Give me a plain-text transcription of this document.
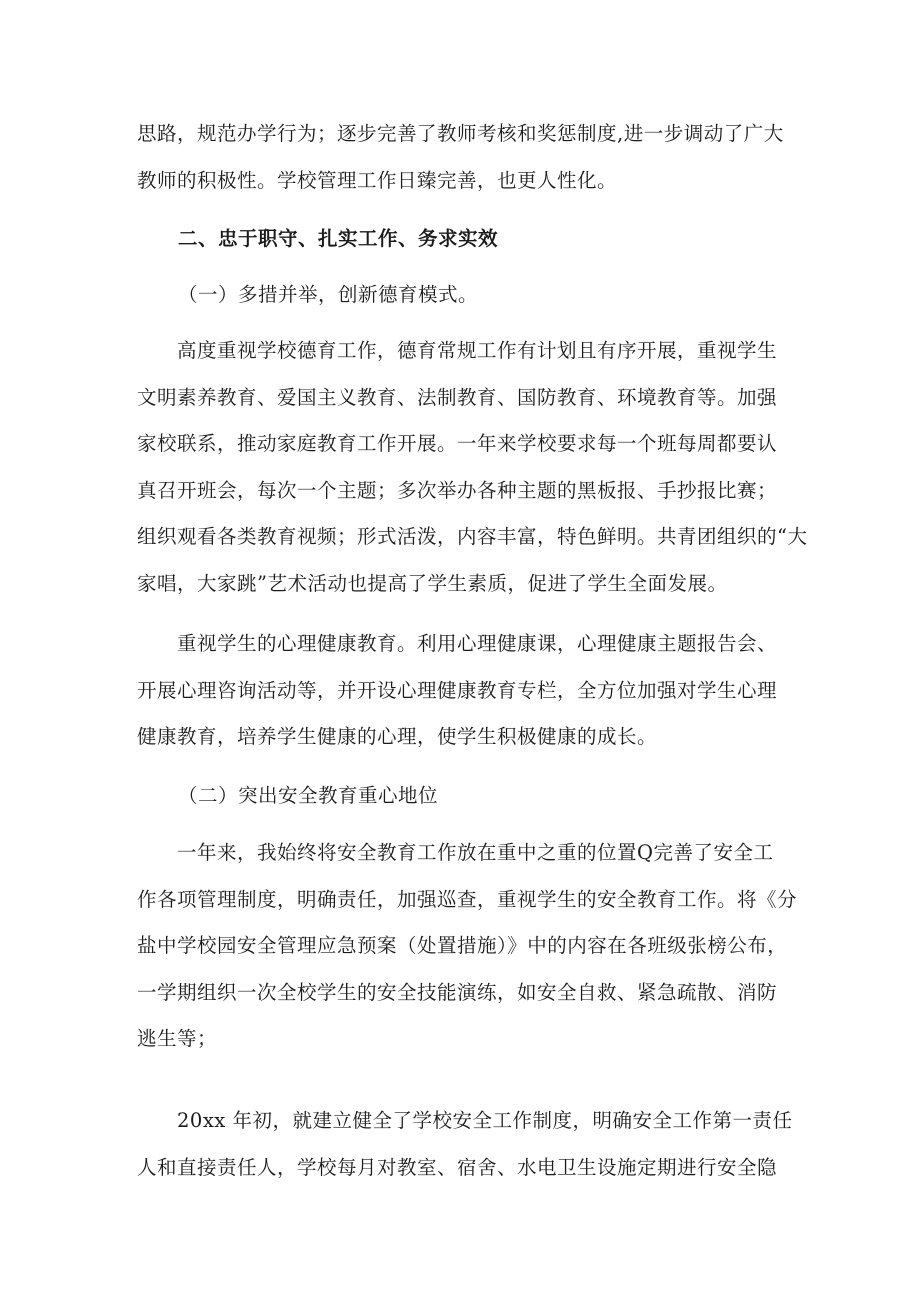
思路，规范办学行为；逐步完善了教师考核和奖惩制度,进一步调动了广大
教师的积极性。学校管理工作日臻完善，也更人性化。
二、忠于职守、扎实工作、务求实效
（一）多措并举，创新德育模式。
　　高度重视学校德育工作，德育常规工作有计划且有序开展，重视学生
文明素养教育、爱国主义教育、法制教育、国防教育、环境教育等。加强
家校联系，推动家庭教育工作开展。一年来学校要求每一个班每周都要认
真召开班会，每次一个主题；多次举办各种主题的黑板报、手抄报比赛；
组织观看各类教育视频；形式活泼，内容丰富，特色鲜明。共青团组织的“大
家唱，大家跳”艺术活动也提高了学生素质，促进了学生全面发展。
　　重视学生的心理健康教育。利用心理健康课，心理健康主题报告会、
开展心理咨询活动等，并开设心理健康教育专栏，全方位加强对学生心理
健康教育，培养学生健康的心理，使学生积极健康的成长。
（二）突出安全教育重心地位
　　一年来，我始终将安全教育工作放在重中之重的位置Q完善了安全工
作各项管理制度，明确责任，加强巡查，重视学生的安全教育工作。将《分
盐中学校园安全管理应急预案（处置措施）》中的内容在各班级张榜公布，
一学期组织一次全校学生的安全技能演练，如安全自救、紧急疏散、消防
逃生等；
　　20xx 年初，就建立健全了学校安全工作制度，明确安全工作第一责任
人和直接责任人，学校每月对教室、宿舍、水电卫生设施定期进行安全隐
